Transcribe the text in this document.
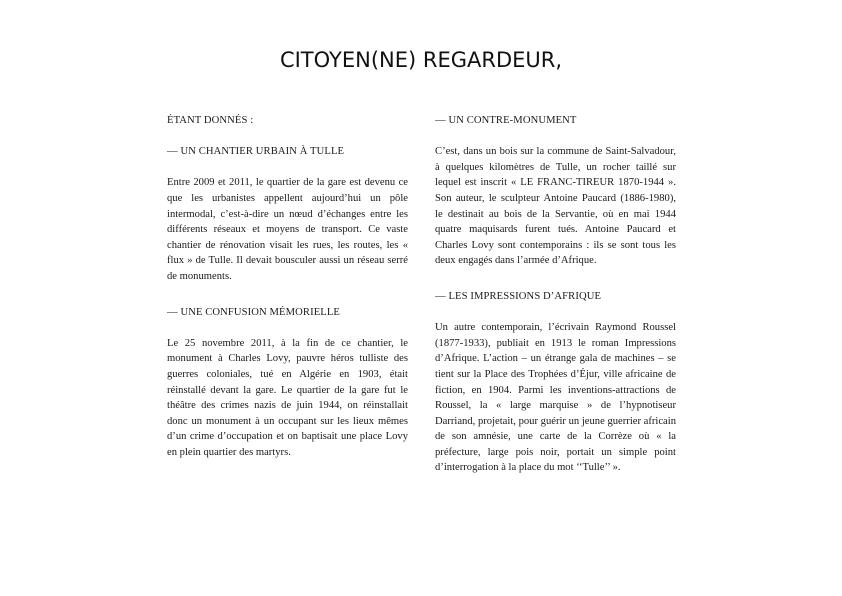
CITOYEN(NE) REGARDEUR,

ÉTANT DONNÉS :

— UN CHANTIER URBAIN À TULLE

Entre 2009 et 2011, le quartier de la gare est devenu ce que les urbanistes appellent aujourd’hui un pôle intermodal, c’est-à-dire un nœud d’échanges entre les différents réseaux et moyens de transport. Ce vaste chantier de rénovation visait les rues, les routes, les « flux » de Tulle. Il devait bousculer aussi un réseau serré de monuments.

— UNE CONFUSION MÉMORIELLE

Le 25 novembre 2011, à la fin de ce chantier, le monument à Charles Lovy, pauvre héros tulliste des guerres coloniales, tué en Algérie en 1903, était réinstallé devant la gare. Le quartier de la gare fut le théâtre des crimes nazis de juin 1944, on réinstallait donc un monument à un occupant sur les lieux mêmes d’un crime d’occupation et on baptisait une place Lovy en plein quartier des martyrs.

— UN CONTRE-MONUMENT

C’est, dans un bois sur la commune de Saint-Salvadour, à quelques kilomètres de Tulle, un rocher taillé sur lequel est inscrit « LE FRANC-TIREUR 1870-1944 ». Son auteur, le sculpteur Antoine Paucard (1886-1980), le destinait au bois de la Servantie, où en mai 1944 quatre maquisards furent tués. Antoine Paucard et Charles Lovy sont contemporains : ils se sont tous les deux engagés dans l’armée d’Afrique.

— LES IMPRESSIONS D’AFRIQUE

Un autre contemporain, l’écrivain Raymond Roussel (1877-1933), publiait en 1913 le roman Impressions d’Afrique. L’action – un étrange gala de machines – se tient sur la Place des Trophées d’Éjur, ville africaine de fiction, en 1904. Parmi les inventions-attractions de Roussel, la « large marquise » de l’hypnotiseur Darriand, projetait, pour guérir un jeune guerrier africain de son amnésie, une carte de la Corrèze où « la préfecture, large pois noir, portait un simple point d’interrogation à la place du mot ‘‘Tulle’’ ».
